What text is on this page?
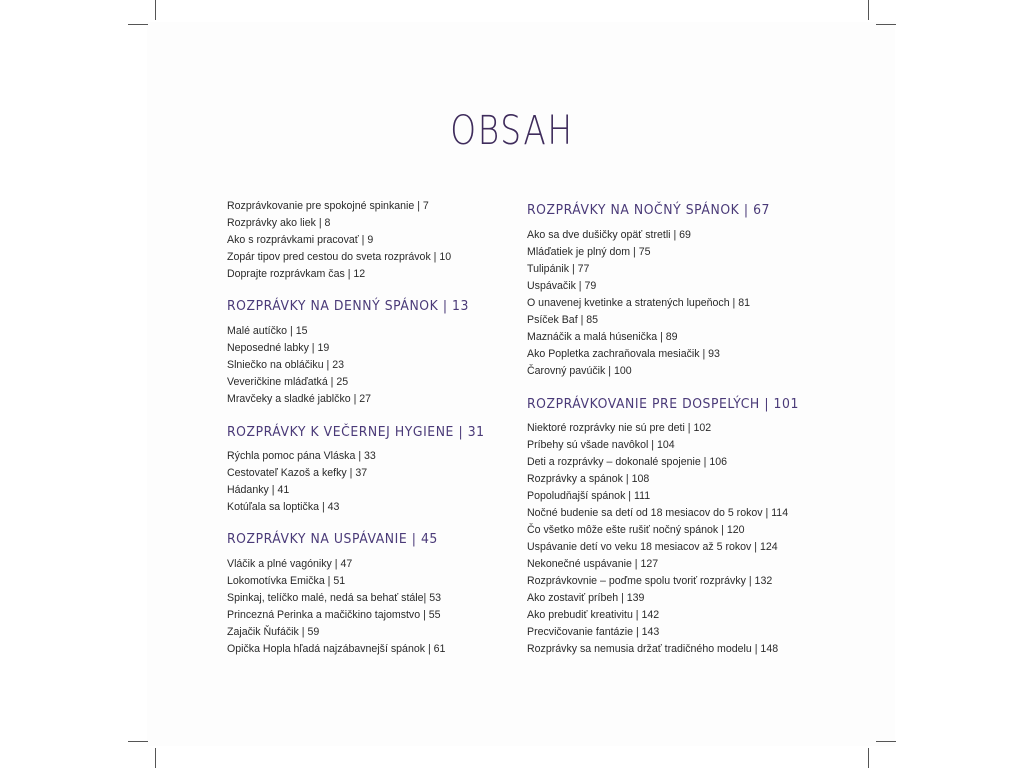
OBSAH
Rozprávkovanie pre spokojné spinkanie | 7
Rozprávky ako liek | 8
Ako s rozprávkami pracovať | 9
Zopár tipov pred cestou do sveta rozprávok | 10
Doprajte rozprávkam čas | 12
ROZPRÁVKY NA DENNÝ SPÁNOK | 13
Malé autíčko | 15
Neposedné labky | 19
Slniečko na obláčiku | 23
Veveričkine mláďatká | 25
Mravčeky a sladké jablčko | 27
ROZPRÁVKY K VEČERNEJ HYGIENE | 31
Rýchla pomoc pána Vláska | 33
Cestovateľ Kazoš a kefky | 37
Hádanky | 41
Kotúľala sa loptička | 43
ROZPRÁVKY NA USPÁVANIE | 45
Vláčik a plné vagóniky | 47
Lokomotívka Emička | 51
Spinkaj, telíčko malé, nedá sa behať stále| 53
Princezná Perinka a mačičkino tajomstvo | 55
Zajačik Ňufáčik | 59
Opička Hopla hľadá najzábavnejší spánok | 61
ROZPRÁVKY NA NOČNÝ SPÁNOK | 67
Ako sa dve dušičky opäť stretli | 69
Mláďatiek je plný dom | 75
Tulipánik | 77
Uspávačik | 79
O unavenej kvetinke a stratených lupeňoch | 81
Psíček Baf | 85
Maznáčik a malá húsenička | 89
Ako Popletka zachraňovala mesiačik | 93
Čarovný pavúčik | 100
ROZPRÁVKOVANIE PRE DOSPELÝCH | 101
Niektoré rozprávky nie sú pre deti | 102
Príbehy sú všade navôkol | 104
Deti a rozprávky – dokonalé spojenie | 106
Rozprávky a spánok | 108
Popoludňajší spánok | 111
Nočné budenie sa detí od 18 mesiacov do 5 rokov | 114
Čo všetko môže ešte rušiť nočný spánok | 120
Uspávanie detí vo veku 18 mesiacov až 5 rokov | 124
Nekonečné uspávanie | 127
Rozprávkovnie – poďme spolu tvoriť rozprávky | 132
Ako zostaviť príbeh | 139
Ako prebudiť kreativitu | 142
Precvičovanie fantázie | 143
Rozprávky sa nemusia držať tradičného modelu | 148
